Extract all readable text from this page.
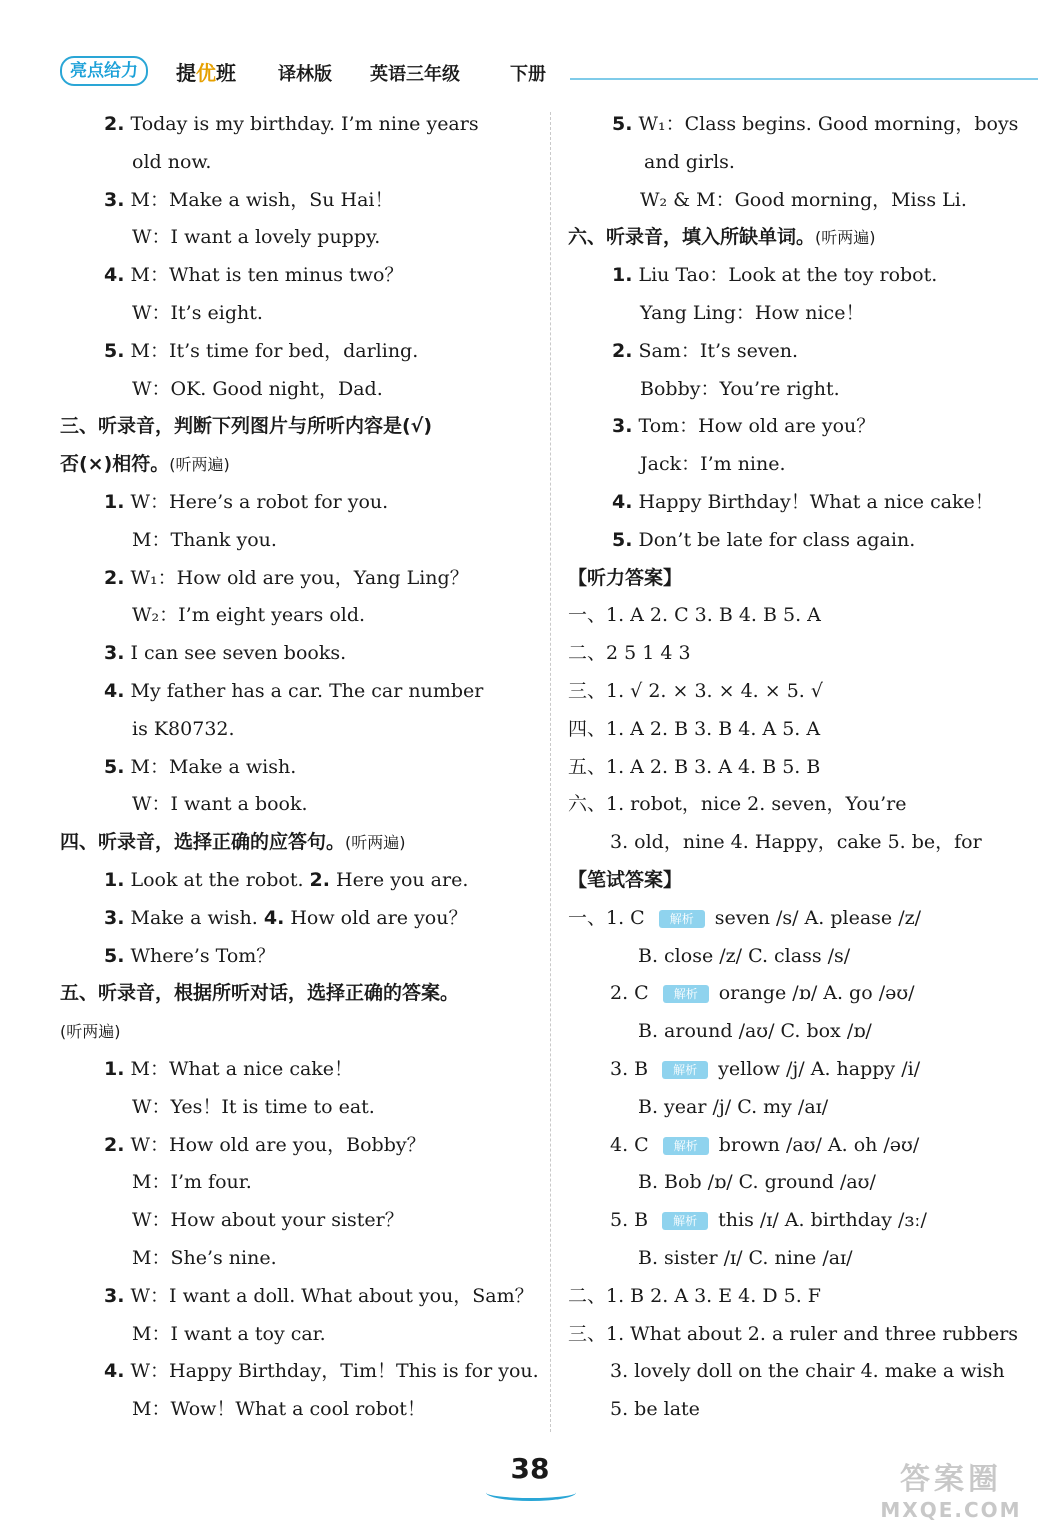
亮点给力	提优班 译林版 英语三年级	下册
2. Today is my birthday. I’m nine years
old now.
3. M：Make a wish，Su Hai！
W：I want a lovely puppy.
4. M：What is ten minus two？
W：It’s eight.
5. M：It’s time for bed，darling.
W：OK. Good night，Dad.
三、听录音，判断下列图片与所听内容是(√)
否(×)相符。(听两遍)
1. W：Here’s a robot for you.
M：Thank you.
2. W₁：How old are you，Yang Ling？
W₂：I’m eight years old.
3. I can see seven books.
4. My father has a car. The car number
is K80732.
5. M：Make a wish.
W：I want a book.
四、听录音，选择正确的应答句。(听两遍)
1. Look at the robot. 2. Here you are.
3. Make a wish. 4. How old are you？
5. Where’s Tom？
五、听录音，根据所听对话，选择正确的答案。
(听两遍)
1. M：What a nice cake！
W：Yes！It is time to eat.
2. W：How old are you，Bobby？
M：I’m four.
W：How about your sister？
M：She’s nine.
3. W：I want a doll. What about you，Sam？
M：I want a toy car.
4. W：Happy Birthday，Tim！This is for you.
M：Wow！What a cool robot！
5. W₁：Class begins. Good morning，boys
and girls.
W₂ & M：Good morning，Miss Li.
六、听录音，填入所缺单词。(听两遍)
1. Liu Tao：Look at the toy robot.
Yang Ling：How nice！
2. Sam：It’s seven.
Bobby：You’re right.
3. Tom：How old are you？
Jack：I’m nine.
4. Happy Birthday！What a nice cake！
5. Don’t be late for class again.
【听力答案】
一、1. A 2. C 3. B 4. B 5. A
二、2 5 1 4 3
三、1. √ 2. × 3. × 4. × 5. √
四、1. A 2. B 3. B 4. A 5. A
五、1. A 2. B 3. A 4. B 5. B
六、1. robot，nice 2. seven，You’re
3. old，nine 4. Happy，cake 5. be，for
【笔试答案】
一、1. C 解析 seven /s/ A. please /z/
B. close /z/ C. class /s/
2. C 解析 orange /ɒ/ A. go /əʊ/
B. around /aʊ/ C. box /ɒ/
3. B 解析 yellow /j/ A. happy /i/
B. year /j/ C. my /aɪ/
4. C 解析 brown /aʊ/ A. oh /əʊ/
B. Bob /ɒ/ C. ground /aʊ/
5. B 解析 this /ɪ/ A. birthday /ɜː/
B. sister /ɪ/ C. nine /aɪ/
二、1. B 2. A 3. E 4. D 5. F
三、1. What about 2. a ruler and three rubbers
3. lovely doll on the chair 4. make a wish
5. be late
38	答案圈
MXQE.COM
